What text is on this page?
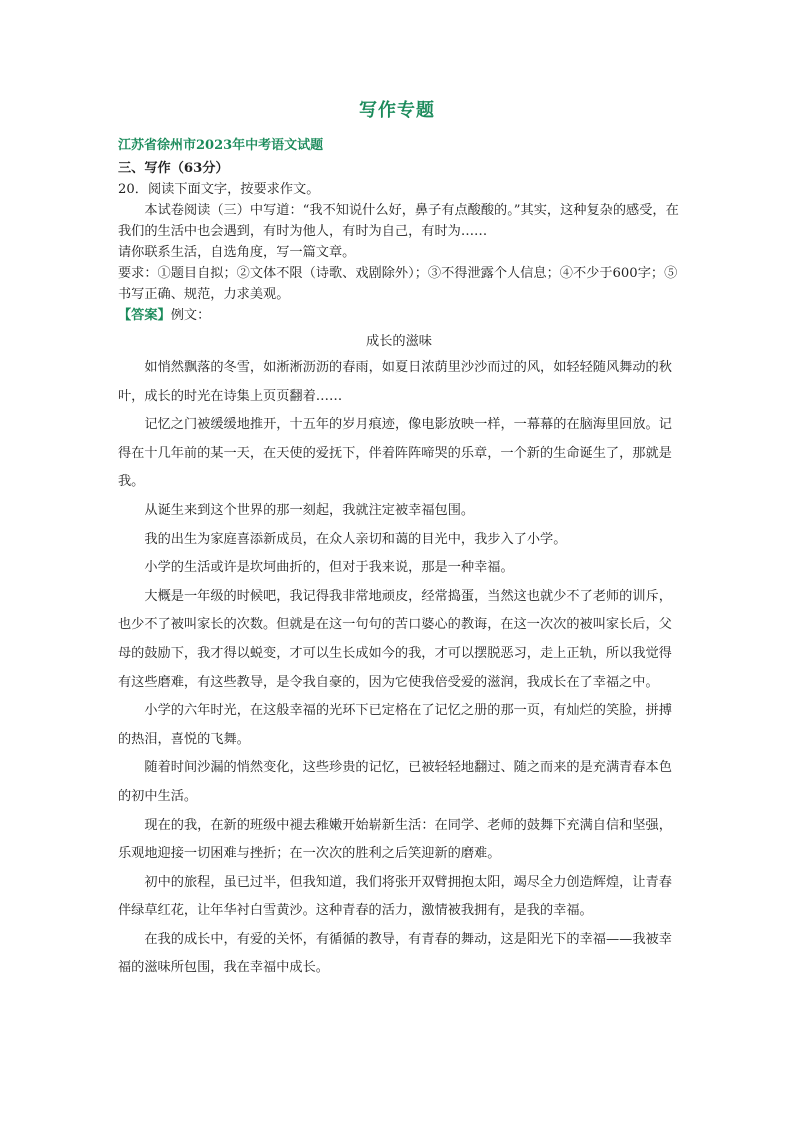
写作专题
江苏省徐州市2023年中考语文试题

三、写作（63分）

20．阅读下面文字，按要求作文。

本试卷阅读（三）中写道：“我不知说什么好，鼻子有点酸酸的。”其实，这种复杂的感受，在我们的生活中也会遇到，有时为他人，有时为自己，有时为……

请你联系生活，自选角度，写一篇文章。

要求：①题目自拟；②文体不限（诗歌、戏剧除外）；③不得泄露个人信息；④不少于600字；⑤书写正确、规范，力求美观。

【答案】例文：

成长的滋味

如悄然飘落的冬雪，如淅淅沥沥的春雨，如夏日浓荫里沙沙而过的风，如轻轻随风舞动的秋叶，成长的时光在诗集上页页翻着……

记忆之门被缓缓地推开，十五年的岁月痕迹，像电影放映一样，一幕幕的在脑海里回放。记得在十几年前的某一天，在天使的爱抚下，伴着阵阵啼哭的乐章，一个新的生命诞生了，那就是我。

从诞生来到这个世界的那一刻起，我就注定被幸福包围。

我的出生为家庭喜添新成员，在众人亲切和蔼的目光中，我步入了小学。

小学的生活或许是坎坷曲折的，但对于我来说，那是一种幸福。

大概是一年级的时候吧，我记得我非常地顽皮，经常捣蛋，当然这也就少不了老师的训斥，也少不了被叫家长的次数。但就是在这一句句的苦口婆心的教诲，在这一次次的被叫家长后，父母的鼓励下，我才得以蜕变，才可以生长成如今的我，才可以摆脱恶习，走上正轨，所以我觉得有这些磨难，有这些教导，是令我自豪的，因为它使我倍受爱的滋润，我成长在了幸福之中。

小学的六年时光，在这般幸福的光环下已定格在了记忆之册的那一页，有灿烂的笑脸，拼搏的热泪，喜悦的飞舞。

随着时间沙漏的悄然变化，这些珍贵的记忆，已被轻轻地翻过、随之而来的是充满青春本色的初中生活。

现在的我，在新的班级中褪去稚嫩开始崭新生活：在同学、老师的鼓舞下充满自信和坚强，乐观地迎接一切困难与挫折；在一次次的胜利之后笑迎新的磨难。

初中的旅程，虽已过半，但我知道，我们将张开双臂拥抱太阳，竭尽全力创造辉煌，让青春伴绿草红花，让年华衬白雪黄沙。这种青春的活力，激情被我拥有，是我的幸福。

在我的成长中，有爱的关怀，有循循的教导，有青春的舞动，这是阳光下的幸福——我被幸福的滋味所包围，我在幸福中成长。
